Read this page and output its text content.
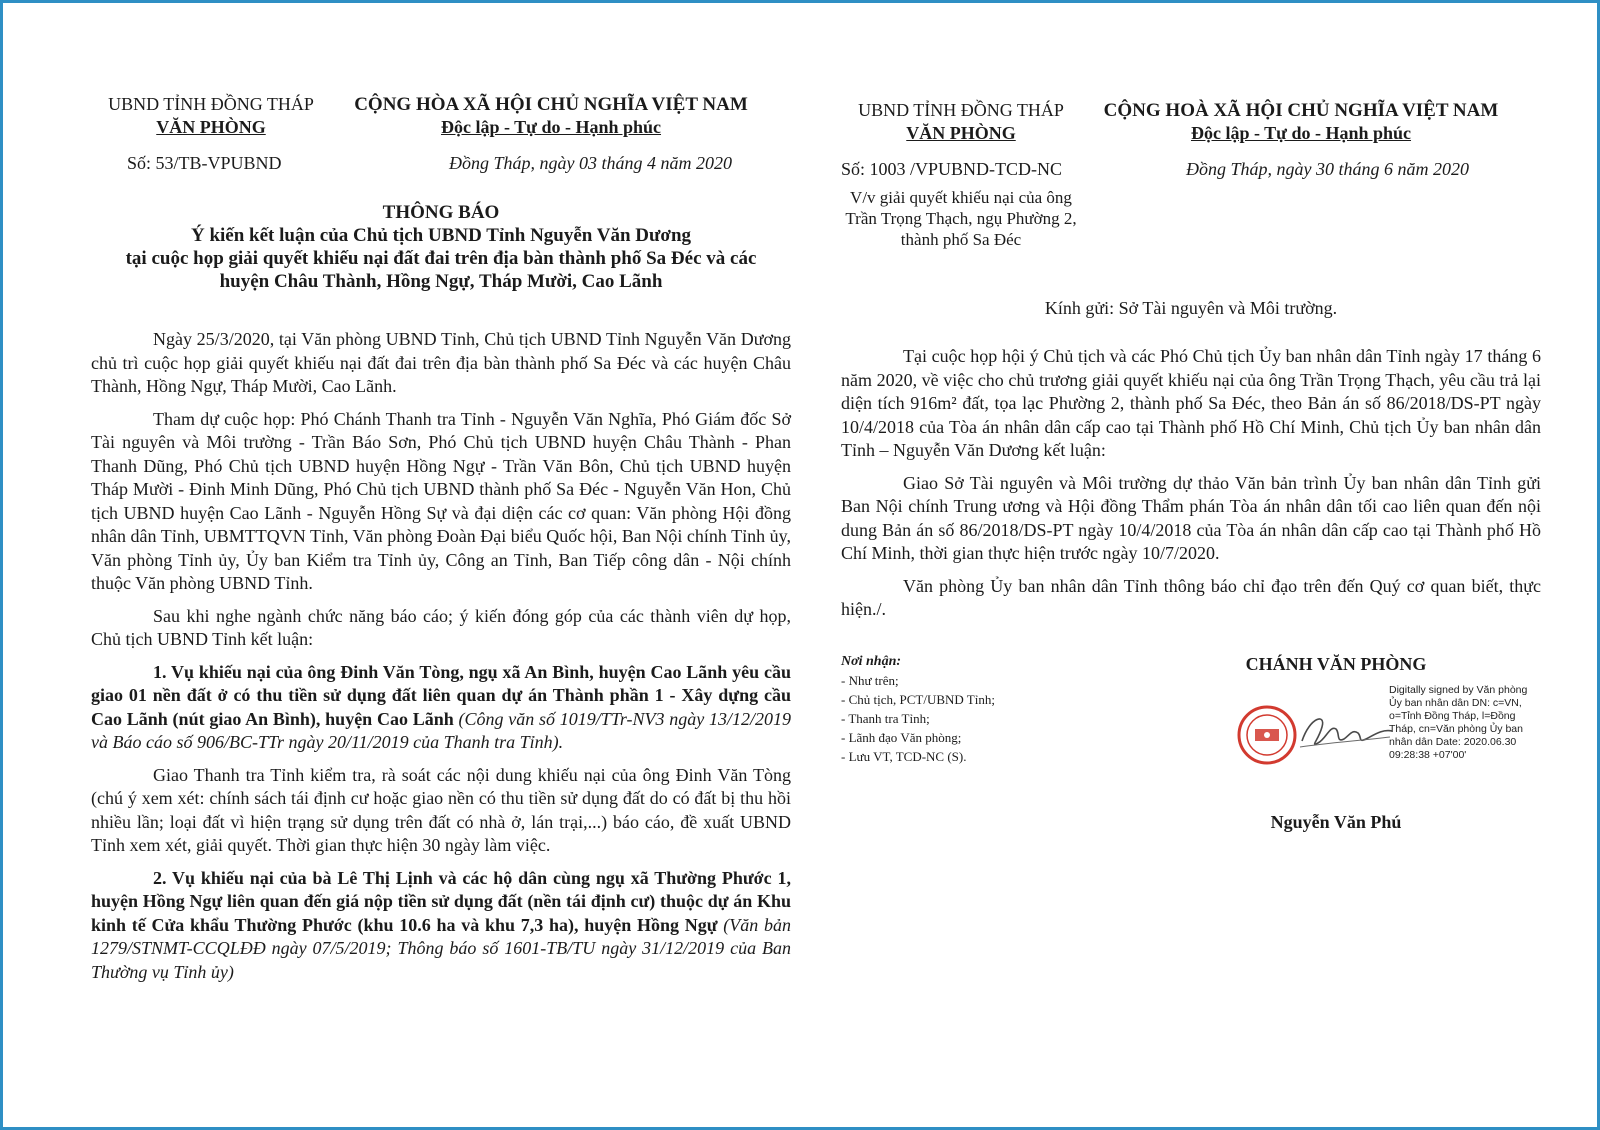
UBND TỈNH ĐỒNG THÁP
VĂN PHÒNG
CỘNG HÒA XÃ HỘI CHỦ NGHĨA VIỆT NAM
Độc lập - Tự do - Hạnh phúc
Số: 53/TB-VPUBND	Đồng Tháp, ngày 03 tháng 4 năm 2020
THÔNG BÁO
Ý kiến kết luận của Chủ tịch UBND Tỉnh Nguyễn Văn Dương
tại cuộc họp giải quyết khiếu nại đất đai trên địa bàn thành phố Sa Đéc và các
huyện Châu Thành, Hồng Ngự, Tháp Mười, Cao Lãnh

Ngày 25/3/2020, tại Văn phòng UBND Tỉnh, Chủ tịch UBND Tỉnh Nguyễn Văn Dương chủ trì cuộc họp giải quyết khiếu nại đất đai trên địa bàn thành phố Sa Đéc và các huyện Châu Thành, Hồng Ngự, Tháp Mười, Cao Lãnh.

Tham dự cuộc họp: Phó Chánh Thanh tra Tỉnh - Nguyễn Văn Nghĩa, Phó Giám đốc Sở Tài nguyên và Môi trường - Trần Báo Sơn, Phó Chủ tịch UBND huyện Châu Thành - Phan Thanh Dũng, Phó Chủ tịch UBND huyện Hồng Ngự - Trần Văn Bôn, Chủ tịch UBND huyện Tháp Mười - Đinh Minh Dũng, Phó Chủ tịch UBND thành phố Sa Đéc - Nguyễn Văn Hon, Chủ tịch UBND huyện Cao Lãnh - Nguyễn Hồng Sự và đại diện các cơ quan: Văn phòng Hội đồng nhân dân Tỉnh, UBMTTQVN Tỉnh, Văn phòng Đoàn Đại biểu Quốc hội, Ban Nội chính Tỉnh ủy, Văn phòng Tỉnh ủy, Ủy ban Kiểm tra Tỉnh ủy, Công an Tỉnh, Ban Tiếp công dân - Nội chính thuộc Văn phòng UBND Tỉnh.

Sau khi nghe ngành chức năng báo cáo; ý kiến đóng góp của các thành viên dự họp, Chủ tịch UBND Tỉnh kết luận:

1. Vụ khiếu nại của ông Đinh Văn Tòng, ngụ xã An Bình, huyện Cao Lãnh yêu cầu giao 01 nền đất ở có thu tiền sử dụng đất liên quan dự án Thành phần 1 - Xây dựng cầu Cao Lãnh (nút giao An Bình), huyện Cao Lãnh (Công văn số 1019/TTr-NV3 ngày 13/12/2019 và Báo cáo số 906/BC-TTr ngày 20/11/2019 của Thanh tra Tỉnh).

Giao Thanh tra Tỉnh kiểm tra, rà soát các nội dung khiếu nại của ông Đinh Văn Tòng (chú ý xem xét: chính sách tái định cư hoặc giao nền có thu tiền sử dụng đất do có đất bị thu hồi nhiều lần; loại đất vì hiện trạng sử dụng trên đất có nhà ở, lán trại,...) báo cáo, đề xuất UBND Tỉnh xem xét, giải quyết. Thời gian thực hiện 30 ngày làm việc.

2. Vụ khiếu nại của bà Lê Thị Lịnh và các hộ dân cùng ngụ xã Thường Phước 1, huyện Hồng Ngự liên quan đến giá nộp tiền sử dụng đất (nền tái định cư) thuộc dự án Khu kinh tế Cửa khẩu Thường Phước (khu 10.6 ha và khu 7,3 ha), huyện Hồng Ngự (Văn bản 1279/STNMT-CCQLĐĐ ngày 07/5/2019; Thông báo số 1601-TB/TU ngày 31/12/2019 của Ban Thường vụ Tỉnh ủy)

UBND TỈNH ĐỒNG THÁP
VĂN PHÒNG
CỘNG HOÀ XÃ HỘI CHỦ NGHĨA VIỆT NAM
Độc lập - Tự do - Hạnh phúc
Số: 1003 /VPUBND-TCD-NC	Đồng Tháp, ngày 30 tháng 6 năm 2020
V/v giải quyết khiếu nại của ông Trần Trọng Thạch, ngụ Phường 2, thành phố Sa Đéc
Kính gửi: Sở Tài nguyên và Môi trường.

Tại cuộc họp hội ý Chủ tịch và các Phó Chủ tịch Ủy ban nhân dân Tỉnh ngày 17 tháng 6 năm 2020, về việc cho chủ trương giải quyết khiếu nại của ông Trần Trọng Thạch, yêu cầu trả lại diện tích 916m² đất, tọa lạc Phường 2, thành phố Sa Đéc, theo Bản án số 86/2018/DS-PT ngày 10/4/2018 của Tòa án nhân dân cấp cao tại Thành phố Hồ Chí Minh, Chủ tịch Ủy ban nhân dân Tỉnh – Nguyễn Văn Dương kết luận:

Giao Sở Tài nguyên và Môi trường dự thảo Văn bản trình Ủy ban nhân dân Tỉnh gửi Ban Nội chính Trung ương và Hội đồng Thẩm phán Tòa án nhân dân tối cao liên quan đến nội dung Bản án số 86/2018/DS-PT ngày 10/4/2018 của Tòa án nhân dân cấp cao tại Thành phố Hồ Chí Minh, thời gian thực hiện trước ngày 10/7/2020.

Văn phòng Ủy ban nhân dân Tỉnh thông báo chỉ đạo trên đến Quý cơ quan biết, thực hiện./.

Nơi nhận:
- Như trên;
- Chủ tịch, PCT/UBND Tỉnh;
- Thanh tra Tỉnh;
- Lãnh đạo Văn phòng;
- Lưu VT, TCD-NC (S).
CHÁNH VĂN PHÒNG
Digitally signed by Văn phòng Ủy ban nhân dân DN: c=VN, o=Tỉnh Đồng Tháp, l=Đồng Tháp, cn=Văn phòng Ủy ban nhân dân Date: 2020.06.30 09:28:38 +07'00'
Nguyễn Văn Phú
